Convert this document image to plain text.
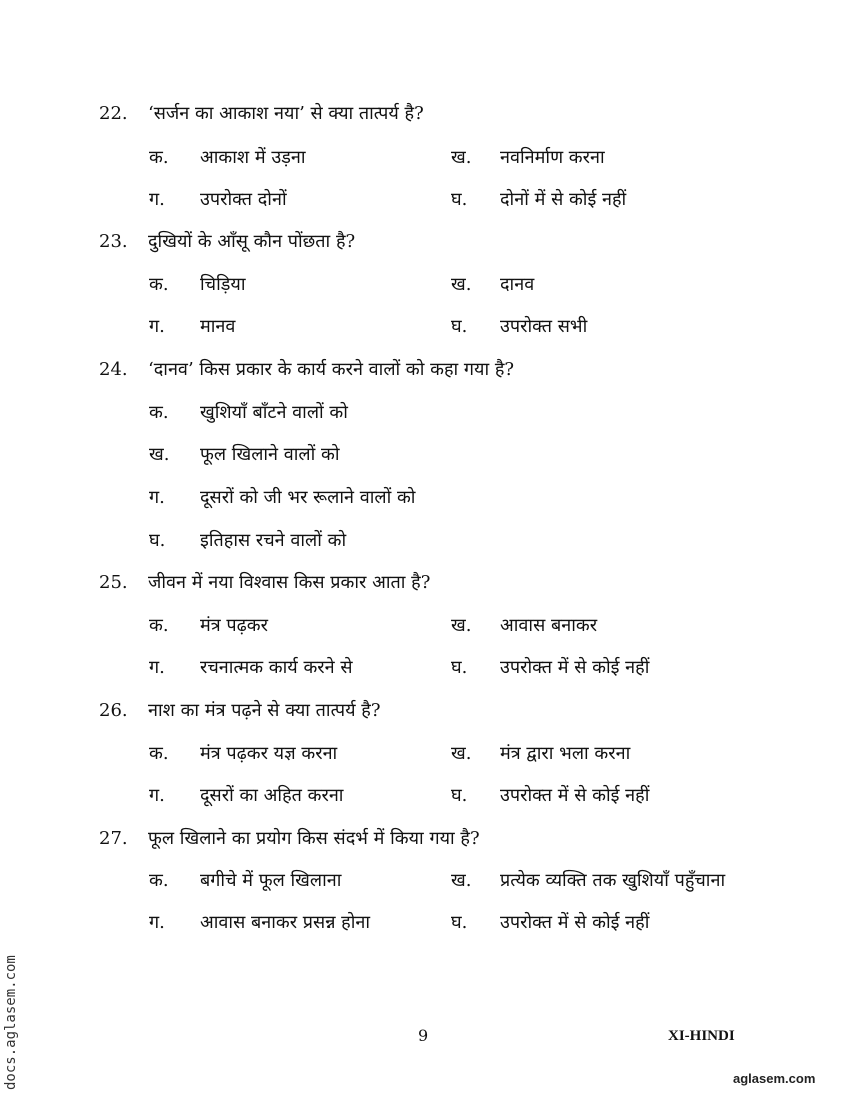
22. ‘सर्जन का आकाश नया’ से क्या तात्पर्य है?
क. आकाश में उड़ना	ख. नवनिर्माण करना
ग. उपरोक्त दोनों	घ. दोनों में से कोई नहीं
23. दुखियों के आँसू कौन पोंछता है?
क. चिड़िया	ख. दानव
ग. मानव	घ. उपरोक्त सभी
24. ‘दानव’ किस प्रकार के कार्य करने वालों को कहा गया है?
क. खुशियाँ बाँटने वालों को
ख. फूल खिलाने वालों को
ग. दूसरों को जी भर रूलाने वालों को
घ. इतिहास रचने वालों को
25. जीवन में नया विश्वास किस प्रकार आता है?
क. मंत्र पढ़कर	ख. आवास बनाकर
ग. रचनात्मक कार्य करने से	घ. उपरोक्त में से कोई नहीं
26. नाश का मंत्र पढ़ने से क्या तात्पर्य है?
क. मंत्र पढ़कर यज्ञ करना	ख. मंत्र द्वारा भला करना
ग. दूसरों का अहित करना	घ. उपरोक्त में से कोई नहीं
27. फूल खिलाने का प्रयोग किस संदर्भ में किया गया है?
क. बगीचे में फूल खिलाना	ख. प्रत्येक व्यक्ति तक खुशियाँ पहुँचाना
ग. आवास बनाकर प्रसन्न होना	घ. उपरोक्त में से कोई नहीं
9	XI-HINDI
aglasem.com
docs.aglasem.com
